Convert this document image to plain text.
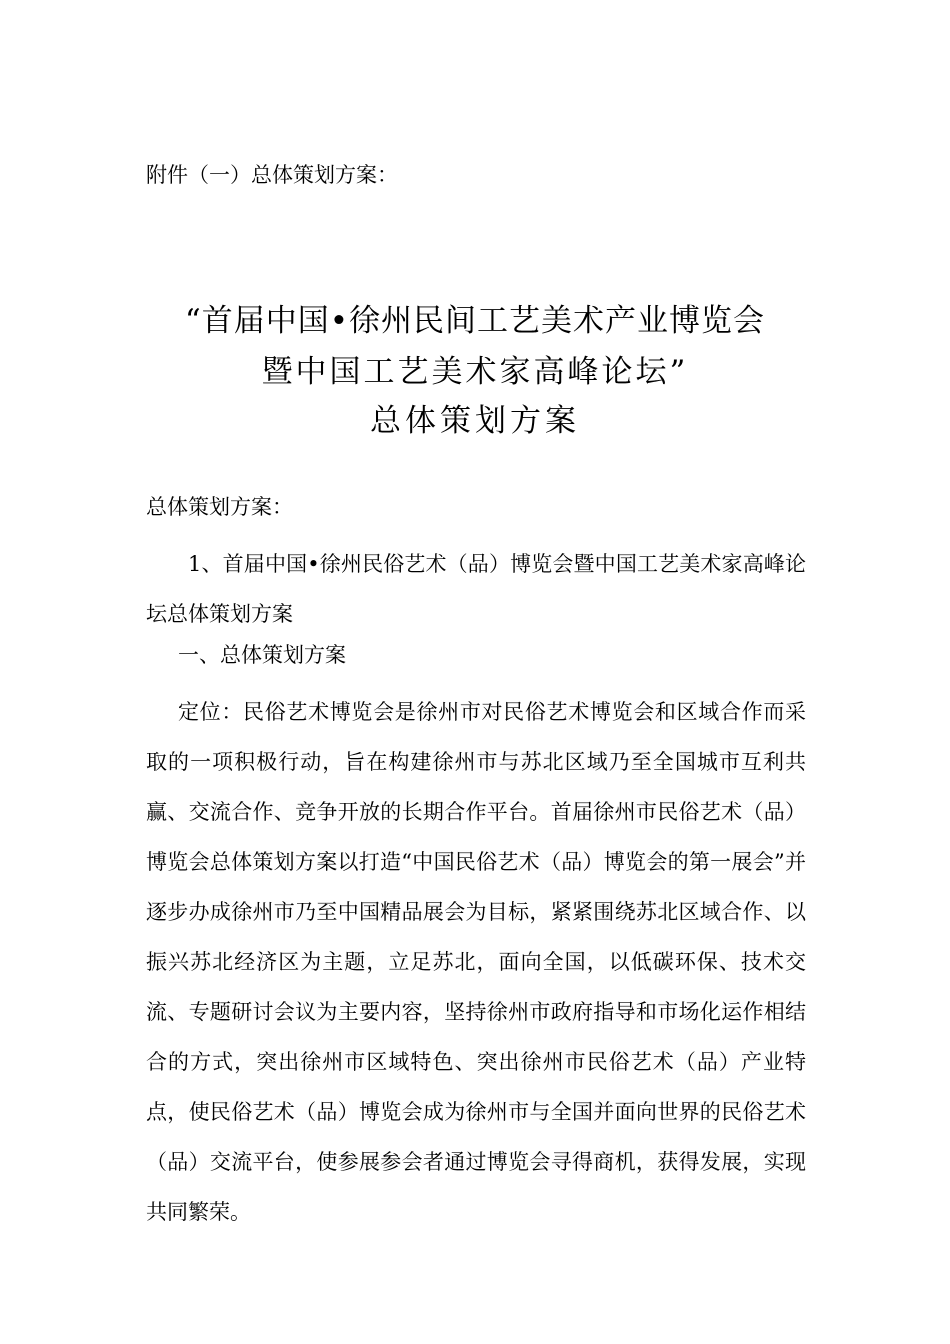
附件（一）总体策划方案：
“首届中国•徐州民间工艺美术产业博览会
暨中国工艺美术家高峰论坛”
总体策划方案
总体策划方案：
1、首届中国•徐州民俗艺术（品）博览会暨中国工艺美术家高峰论坛总体策划方案
一、总体策划方案
定位：民俗艺术博览会是徐州市对民俗艺术博览会和区域合作而采取的一项积极行动，旨在构建徐州市与苏北区域乃至全国城市互利共赢、交流合作、竞争开放的长期合作平台。首届徐州市民俗艺术（品）博览会总体策划方案以打造“中国民俗艺术（品）博览会的第一展会”并逐步办成徐州市乃至中国精品展会为目标，紧紧围绕苏北区域合作、以振兴苏北经济区为主题，立足苏北，面向全国，以低碳环保、技术交流、专题研讨会议为主要内容，坚持徐州市政府指导和市场化运作相结合的方式，突出徐州市区域特色、突出徐州市民俗艺术（品）产业特点，使民俗艺术（品）博览会成为徐州市与全国并面向世界的民俗艺术（品）交流平台，使参展参会者通过博览会寻得商机，获得发展，实现共同繁荣。
